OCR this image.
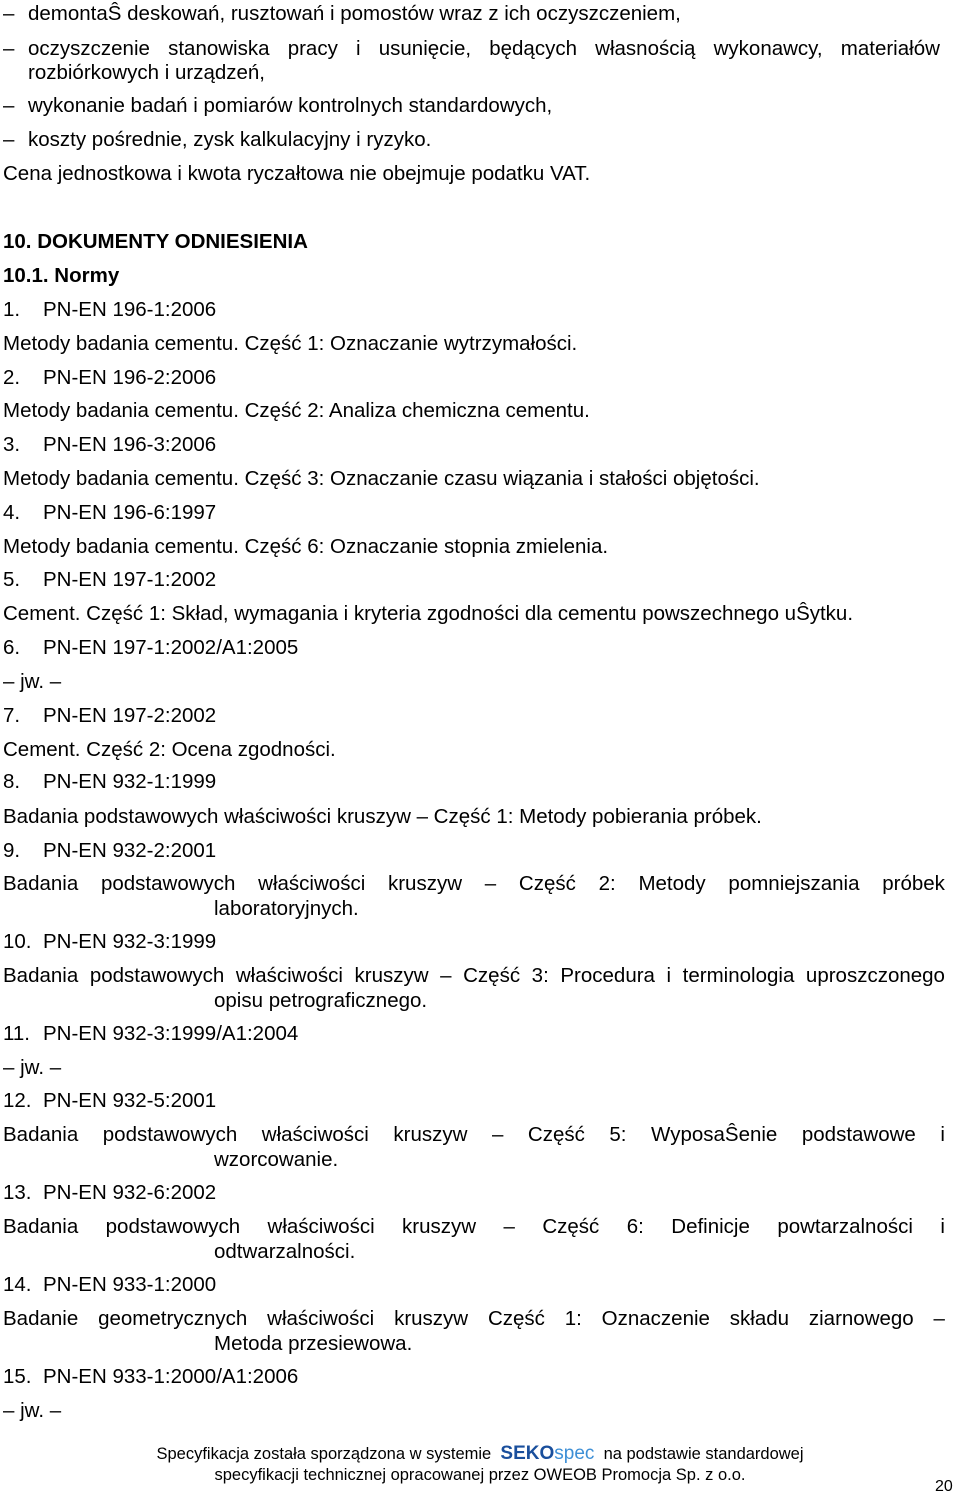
– demontaŜ deskowań, rusztowań i pomostów wraz z ich oczyszczeniem,
– oczyszczenie stanowiska pracy i usunięcie, będących własnością wykonawcy, materiałów
rozbiórkowych i urządzeń,
– wykonanie badań i pomiarów kontrolnych standardowych,
– koszty pośrednie, zysk kalkulacyjny i ryzyko.
Cena jednostkowa i kwota ryczałtowa nie obejmuje podatku VAT.
10. DOKUMENTY ODNIESIENIA
10.1. Normy
1. PN-EN 196-1:2006
Metody badania cementu. Część 1: Oznaczanie wytrzymałości.
2. PN-EN 196-2:2006
Metody badania cementu. Część 2: Analiza chemiczna cementu.
3. PN-EN 196-3:2006
Metody badania cementu. Część 3: Oznaczanie czasu wiązania i stałości objętości.
4. PN-EN 196-6:1997
Metody badania cementu. Część 6: Oznaczanie stopnia zmielenia.
5. PN-EN 197-1:2002
Cement. Część 1: Skład, wymagania i kryteria zgodności dla cementu powszechnego uŜytku.
6. PN-EN 197-1:2002/A1:2005
– jw. –
7. PN-EN 197-2:2002
Cement. Część 2: Ocena zgodności.
8. PN-EN 932-1:1999
Badania podstawowych właściwości kruszyw – Część 1: Metody pobierania próbek.
9. PN-EN 932-2:2001
Badania podstawowych właściwości kruszyw – Część 2: Metody pomniejszania próbek
laboratoryjnych.
10. PN-EN 932-3:1999
Badania podstawowych właściwości kruszyw – Część 3: Procedura i terminologia uproszczonego
opisu petrograficznego.
11. PN-EN 932-3:1999/A1:2004
– jw. –
12. PN-EN 932-5:2001
Badania podstawowych właściwości kruszyw – Część 5: WyposaŜenie podstawowe i
wzorcowanie.
13. PN-EN 932-6:2002
Badania podstawowych właściwości kruszyw – Część 6: Definicje powtarzalności i
odtwarzalności.
14. PN-EN 933-1:2000
Badanie geometrycznych właściwości kruszyw Część 1: Oznaczenie składu ziarnowego –
Metoda przesiewowa.
15. PN-EN 933-1:2000/A1:2006
– jw. –
Specyfikacja została sporządzona w systemie SEKOspec na podstawie standardowej
specyfikacji technicznej opracowanej przez OWEOB Promocja Sp. z o.o.
20
